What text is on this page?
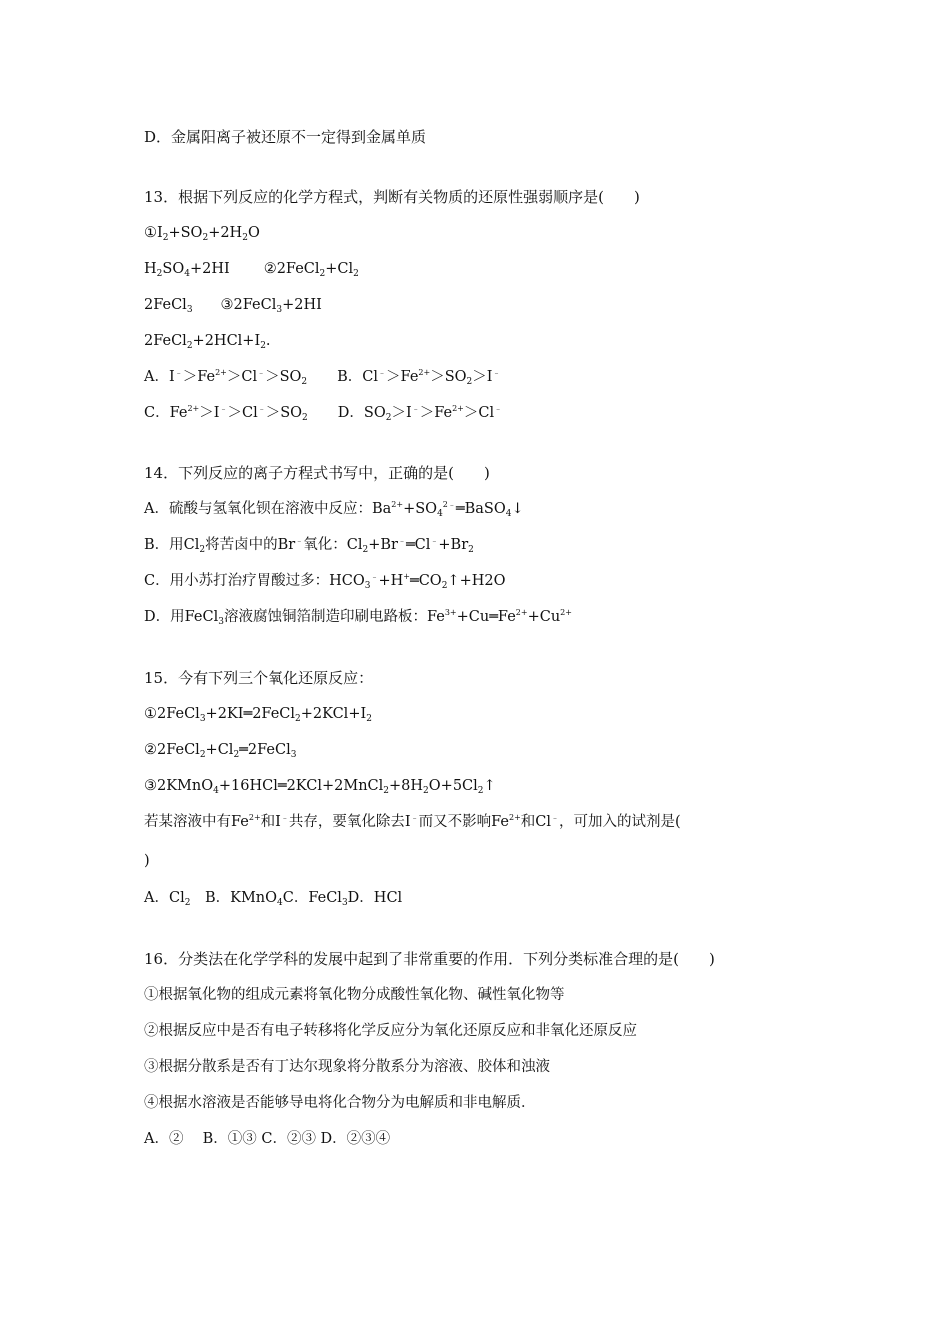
D．金属阳离子被还原不一定得到金属单质
13．根据下列反应的化学方程式，判断有关物质的还原性强弱顺序是(　　)
$①I_2+SO_2+2H_2O$
$H_2SO_4+2HI$ $②2FeCl_2+Cl_2$
2FeCl$_3$ ③2FeCl$_3$+2HI
$2FeCl_2+2HCl+I_2$.
A．$I^﹣>Fe^{2+}>Cl^﹣>SO_2$ B．$Cl^﹣>Fe^{2+}>SO_2>I^﹣$
C．$Fe^{2+}>I^﹣>Cl^﹣>SO_2$ D．$SO_2>I^﹣>Fe^{2+}>Cl^﹣$
14．下列反应的离子方程式书写中，正确的是(　　)
A．硫酸与氢氧化钡在溶液中反应：$Ba^{2+}+SO_4^{2﹣}═BaSO_4↓$
B．用$Cl_2$将苦卤中的Br﹣氧化：$Cl_2+Br^﹣═Cl^﹣+Br_2$
C．用小苏打治疗胃酸过多：$HCO_3^﹣+H^+═CO_2↑+H2O$
D．用FeCl$_3$溶液腐蚀铜箔制造印刷电路板：$Fe^{3+}+Cu═Fe^{2+}+Cu^{2+}$
15．今有下列三个氧化还原反应：
$①2FeCl_3+2KI═2FeCl_2+2KCl+I_2$
$②2FeCl_2+Cl_2═2FeCl_3$
$③2KMnO_4+16HCl═2KCl+2MnCl_2+8H_2O+5Cl_2↑$
若某溶液中有$Fe^{2+}$和I﹣共存，要氧化除去I﹣而又不影响$Fe^{2+}$和Cl﹣，可加入的试剂是(
)
A．$Cl_2$　B．KMnO$_4$C．FeCl$_3$D．HCl
16．分类法在化学学科的发展中起到了非常重要的作用．下列分类标准合理的是(　　)
①根据氧化物的组成元素将氧化物分成酸性氧化物、碱性氧化物等
②根据反应中是否有电子转移将化学反应分为氧化还原反应和非氧化还原反应
③根据分散系是否有丁达尔现象将分散系分为溶液、胶体和浊液
④根据水溶液是否能够导电将化合物分为电解质和非电解质．
A．②　 B．①③ C．②③ D．②③④
